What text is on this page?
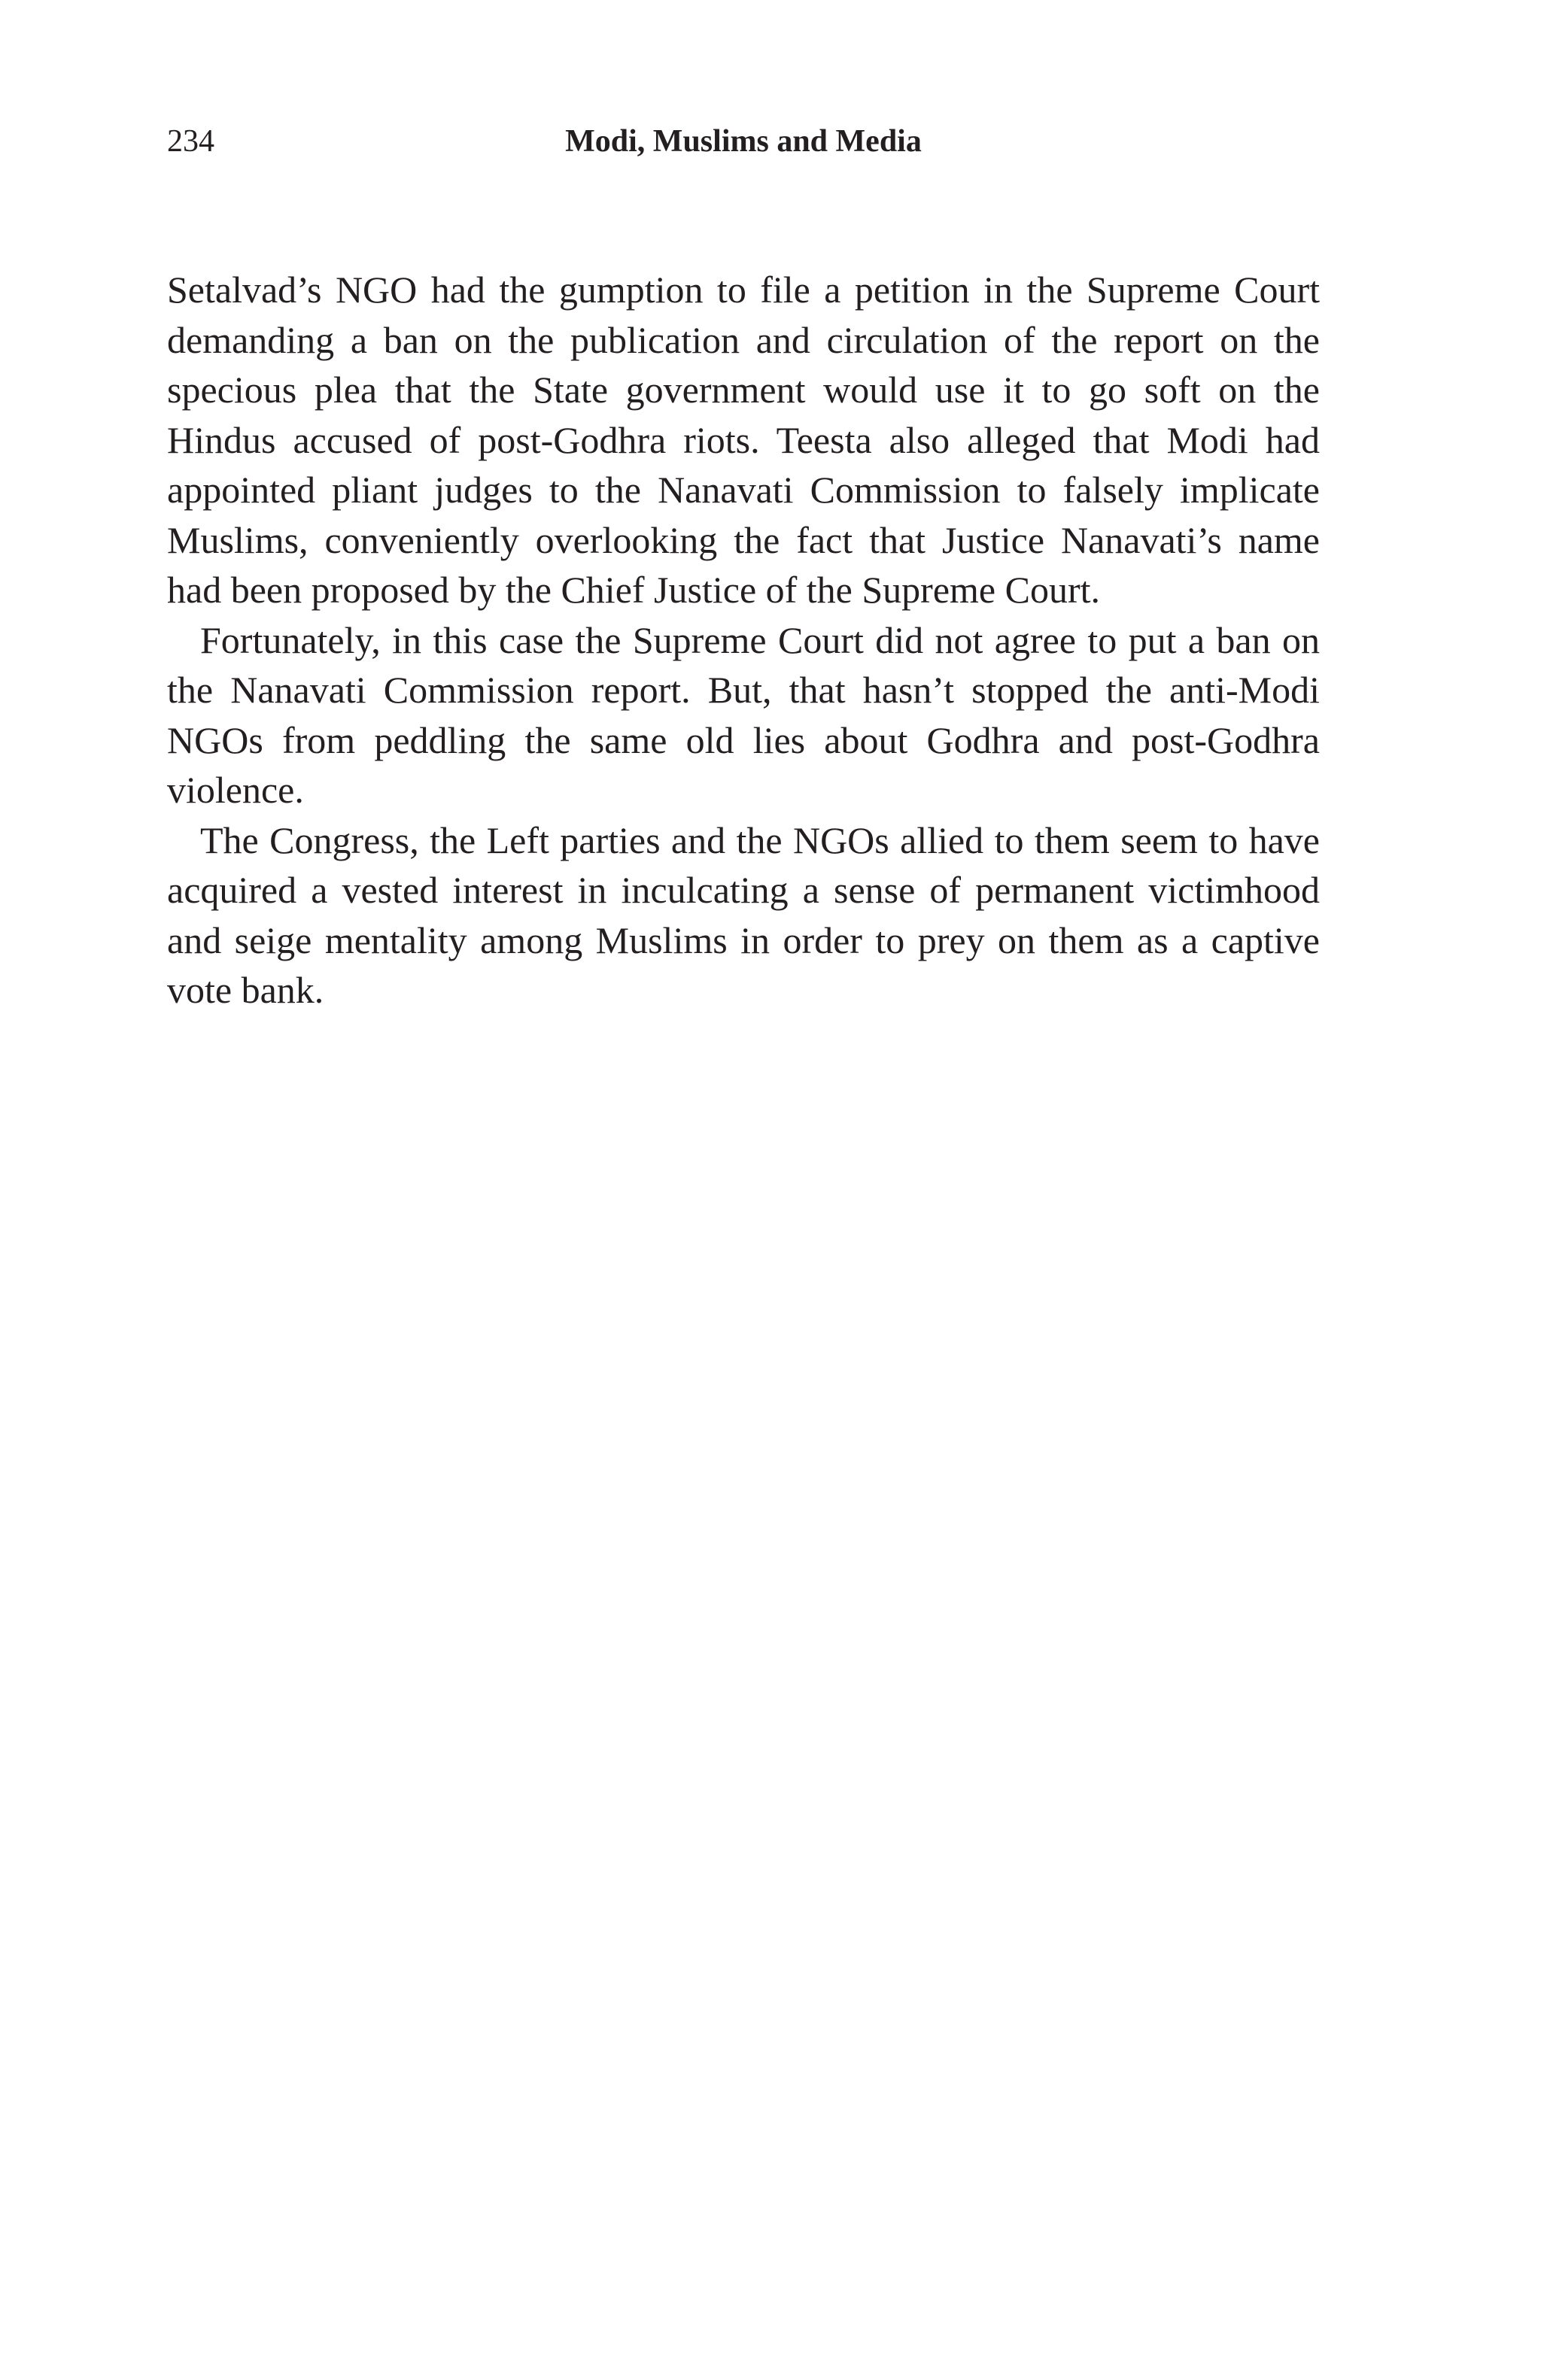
234	Modi, Muslims and Media

Setalvad’s NGO had the gumption to file a petition in the Supreme Court demanding a ban on the publication and circulation of the report on the specious plea that the State government would use it to go soft on the Hindus accused of post-Godhra riots. Teesta also alleged that Modi had appointed pliant judges to the Nanavati Commission to falsely implicate Muslims, conveniently overlooking the fact that Justice Nanavati’s name had been proposed by the Chief Justice of the Supreme Court.

Fortunately, in this case the Supreme Court did not agree to put a ban on the Nanavati Commission report. But, that hasn’t stopped the anti-Modi NGOs from peddling the same old lies about Godhra and post-Godhra violence.

The Congress, the Left parties and the NGOs allied to them seem to have acquired a vested interest in inculcating a sense of permanent victimhood and seige mentality among Muslims in order to prey on them as a captive vote bank.
